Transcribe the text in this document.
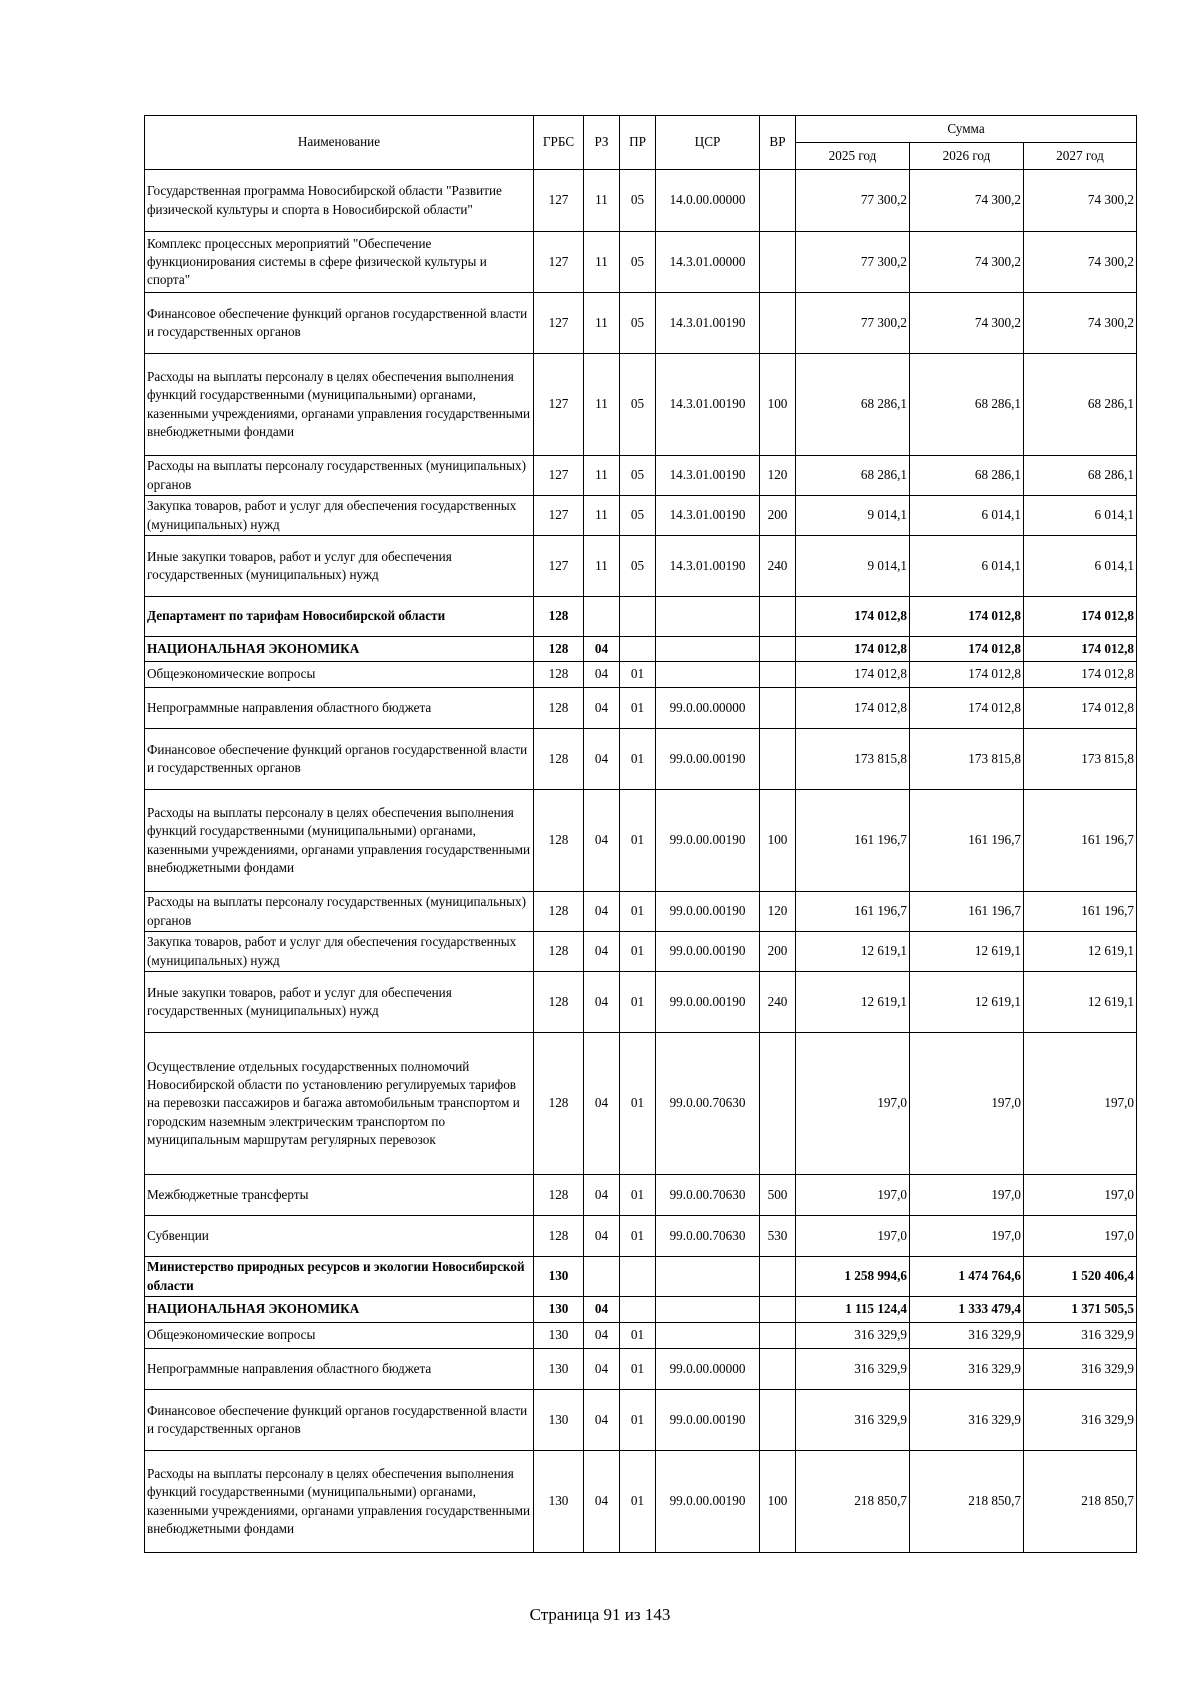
Наименование	ГРБС	РЗ	ПР	ЦСР	ВР	Сумма		
						2025 год	2026 год	2027 год
Государственная программа Новосибирской области "Развитие физической культуры и спорта в Новосибирской области"	127	11	05	14.0.00.00000		77 300,2	74 300,2	74 300,2
Комплекс процессных мероприятий "Обеспечение функционирования системы в сфере физической культуры и спорта"	127	11	05	14.3.01.00000		77 300,2	74 300,2	74 300,2
Финансовое обеспечение функций органов государственной власти и государственных органов	127	11	05	14.3.01.00190		77 300,2	74 300,2	74 300,2
Расходы на выплаты персоналу в целях обеспечения выполнения функций государственными (муниципальными) органами, казенными учреждениями, органами управления государственными внебюджетными фондами	127	11	05	14.3.01.00190	100	68 286,1	68 286,1	68 286,1
Расходы на выплаты персоналу государственных (муниципальных) органов	127	11	05	14.3.01.00190	120	68 286,1	68 286,1	68 286,1
Закупка товаров, работ и услуг для обеспечения государственных (муниципальных) нужд	127	11	05	14.3.01.00190	200	9 014,1	6 014,1	6 014,1
Иные закупки товаров, работ и услуг для обеспечения государственных (муниципальных) нужд	127	11	05	14.3.01.00190	240	9 014,1	6 014,1	6 014,1
Департамент по тарифам Новосибирской области	128					174 012,8	174 012,8	174 012,8
НАЦИОНАЛЬНАЯ ЭКОНОМИКА	128	04				174 012,8	174 012,8	174 012,8
Общеэкономические вопросы	128	04	01			174 012,8	174 012,8	174 012,8
Непрограммные направления областного бюджета	128	04	01	99.0.00.00000		174 012,8	174 012,8	174 012,8
Финансовое обеспечение функций органов государственной власти и государственных органов	128	04	01	99.0.00.00190		173 815,8	173 815,8	173 815,8
Расходы на выплаты персоналу в целях обеспечения выполнения функций государственными (муниципальными) органами, казенными учреждениями, органами управления государственными внебюджетными фондами	128	04	01	99.0.00.00190	100	161 196,7	161 196,7	161 196,7
Расходы на выплаты персоналу государственных (муниципальных) органов	128	04	01	99.0.00.00190	120	161 196,7	161 196,7	161 196,7
Закупка товаров, работ и услуг для обеспечения государственных (муниципальных) нужд	128	04	01	99.0.00.00190	200	12 619,1	12 619,1	12 619,1
Иные закупки товаров, работ и услуг для обеспечения государственных (муниципальных) нужд	128	04	01	99.0.00.00190	240	12 619,1	12 619,1	12 619,1
Осуществление отдельных государственных полномочий Новосибирской области по установлению регулируемых тарифов на перевозки пассажиров и багажа автомобильным транспортом и городским наземным электрическим транспортом по муниципальным маршрутам регулярных перевозок	128	04	01	99.0.00.70630		197,0	197,0	197,0
Межбюджетные трансферты	128	04	01	99.0.00.70630	500	197,0	197,0	197,0
Субвенции	128	04	01	99.0.00.70630	530	197,0	197,0	197,0
Министерство природных ресурсов и экологии Новосибирской области	130					1 258 994,6	1 474 764,6	1 520 406,4
НАЦИОНАЛЬНАЯ ЭКОНОМИКА	130	04				1 115 124,4	1 333 479,4	1 371 505,5
Общеэкономические вопросы	130	04	01			316 329,9	316 329,9	316 329,9
Непрограммные направления областного бюджета	130	04	01	99.0.00.00000		316 329,9	316 329,9	316 329,9
Финансовое обеспечение функций органов государственной власти и государственных органов	130	04	01	99.0.00.00190		316 329,9	316 329,9	316 329,9
Расходы на выплаты персоналу в целях обеспечения выполнения функций государственными (муниципальными) органами, казенными учреждениями, органами управления государственными внебюджетными фондами	130	04	01	99.0.00.00190	100	218 850,7	218 850,7	218 850,7
Страница 91 из 143
